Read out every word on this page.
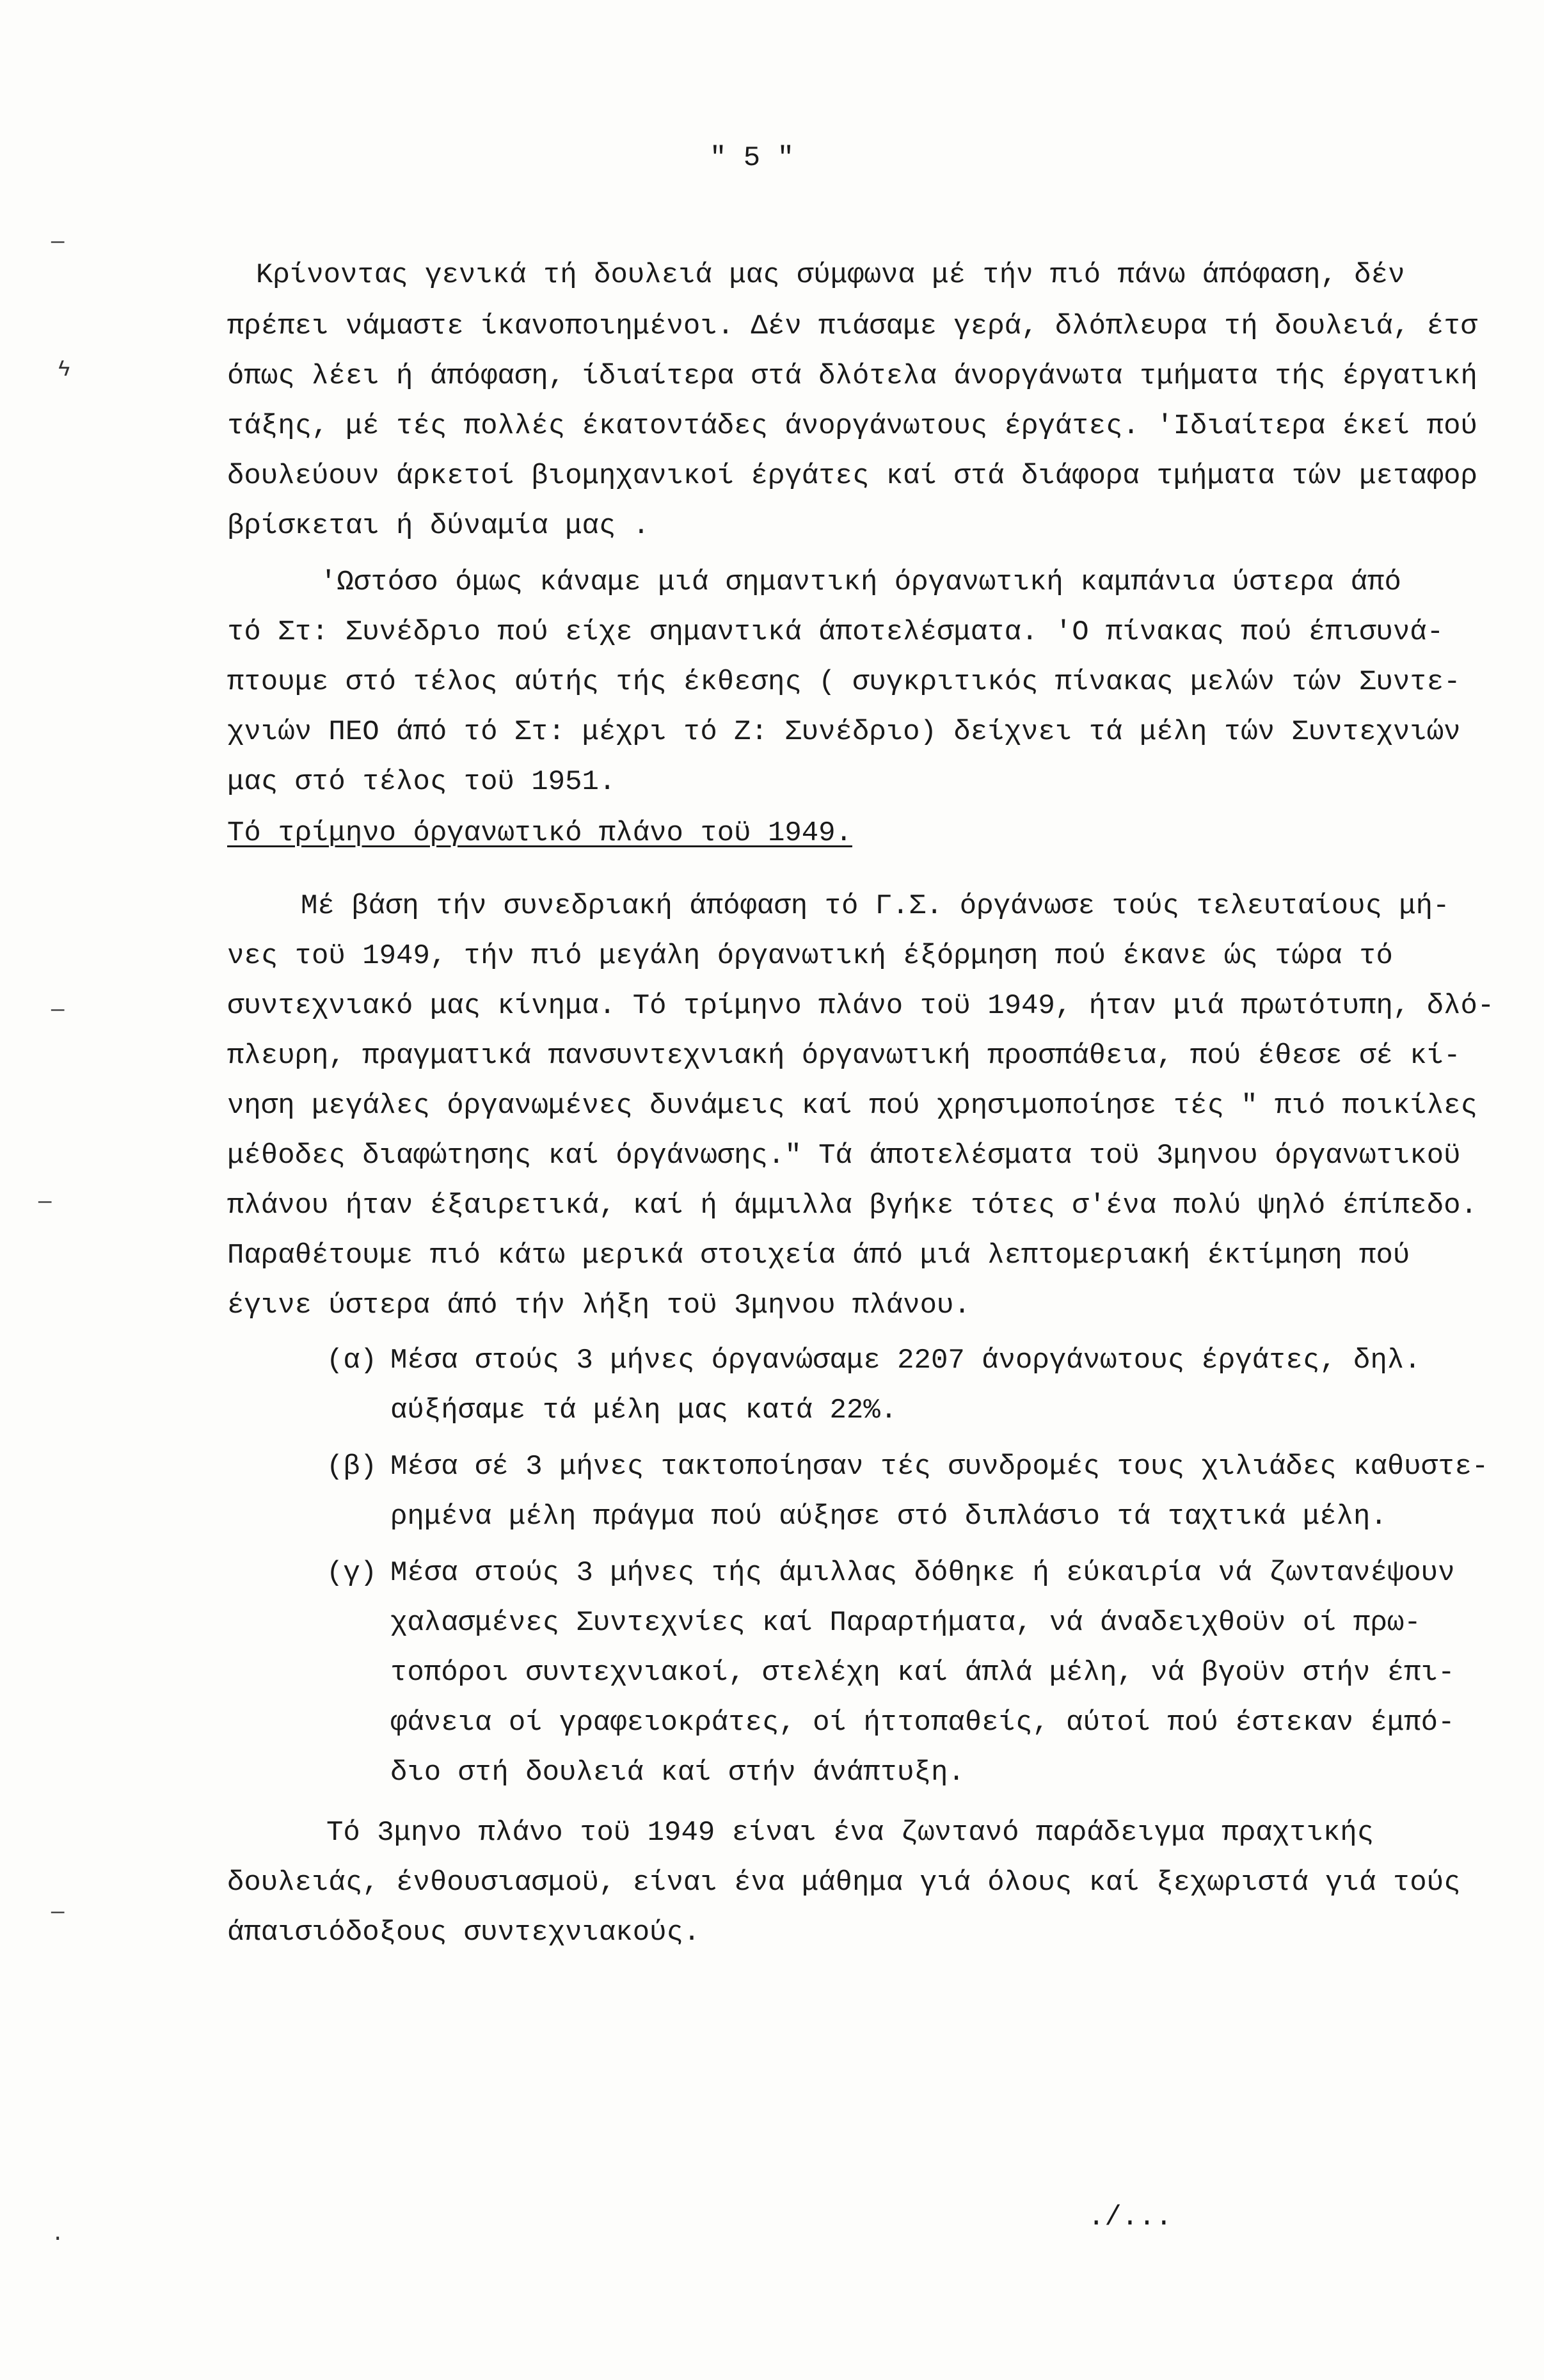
" 5 "
Κρίνοντας γενικά τή δουλειά μας σύμφωνα μέ τήν πιό πάνω άπόφαση, δέν
πρέπει νάμαστε ίκανοποιημένοι. Δέν πιάσαμε γερά, δλόπλευρα τή δουλειά, έτσ
όπως λέει ή άπόφαση, ίδιαίτερα στά δλότελα άνοργάνωτα τμήματα τής έργατική
τάξης, μέ τές πολλές έκατοντάδες άνοργάνωτους έργάτες. 'Ιδιαίτερα έκεί πού
δουλεύουν άρκετοί βιομηχανικοί έργάτες καί στά διάφορα τμήματα τών μεταφορ
βρίσκεται ή δύναμία μας .
'Ωστόσο όμως κάναμε μιά σημαντική όργανωτική καμπάνια ύστερα άπό
τό Στ: Συνέδριο πού είχε σημαντικά άποτελέσματα. 'Ο πίνακας πού έπισυνά-
πτουμε στό τέλος αύτής τής έκθεσης ( συγκριτικός πίνακας μελών τών Συντε-
χνιών ΠΕΟ άπό τό Στ: μέχρι τό Ζ: Συνέδριο) δείχνει τά μέλη τών Συντεχνιών
μας στό τέλος τοϋ 1951.
Τό τρίμηνο όργανωτικό πλάνο τοϋ 1949.
Μέ βάση τήν συνεδριακή άπόφαση τό Γ.Σ. όργάνωσε τούς τελευταίους μή-
νες τοϋ 1949, τήν πιό μεγάλη όργανωτική έξόρμηση πού έκανε ώς τώρα τό
συντεχνιακό μας κίνημα. Τό τρίμηνο πλάνο τοϋ 1949, ήταν μιά πρωτότυπη, δλό-
πλευρη, πραγματικά πανσυντεχνιακή όργανωτική προσπάθεια, πού έθεσε σέ κί-
νηση μεγάλες όργανωμένες δυνάμεις καί πού χρησιμοποίησε τές " πιό ποικίλες
μέθοδες διαφώτησης καί όργάνωσης." Τά άποτελέσματα τοϋ 3μηνου όργανωτικοϋ
πλάνου ήταν έξαιρετικά, καί ή άμμιλλα βγήκε τότες σ'ένα πολύ ψηλό έπίπεδο.
Παραθέτουμε πιό κάτω μερικά στοιχεία άπό μιά λεπτομεριακή έκτίμηση πού
έγινε ύστερα άπό τήν λήξη τοϋ 3μηνου πλάνου.
(α) Μέσα στούς 3 μήνες όργανώσαμε 2207 άνοργάνωτους έργάτες, δηλ.
αύξήσαμε τά μέλη μας κατά 22%.
(β) Μέσα σέ 3 μήνες τακτοποίησαν τές συνδρομές τους χιλιάδες καθυστε-
ρημένα μέλη πράγμα πού αύξησε στό διπλάσιο τά ταχτικά μέλη.
(γ) Μέσα στούς 3 μήνες τής άμιλλας δόθηκε ή εύκαιρία νά ζωντανέψουν
χαλασμένες Συντεχνίες καί Παραρτήματα, νά άναδειχθοϋν οί πρω-
τοπόροι συντεχνιακοί, στελέχη καί άπλά μέλη, νά βγοϋν στήν έπι-
φάνεια οί γραφειοκράτες, οί ήττοπαθείς, αύτοί πού έστεκαν έμπό-
διο στή δουλειά καί στήν άνάπτυξη.
Τό 3μηνο πλάνο τοϋ 1949 είναι ένα ζωντανό παράδειγμα πραχτικής
δουλειάς, ένθουσιασμοϋ, είναι ένα μάθημα γιά όλους καί ξεχωριστά γιά τούς
άπαισιόδοξους συντεχνιακούς.
./...
—
ϟ
—
—
—
·
